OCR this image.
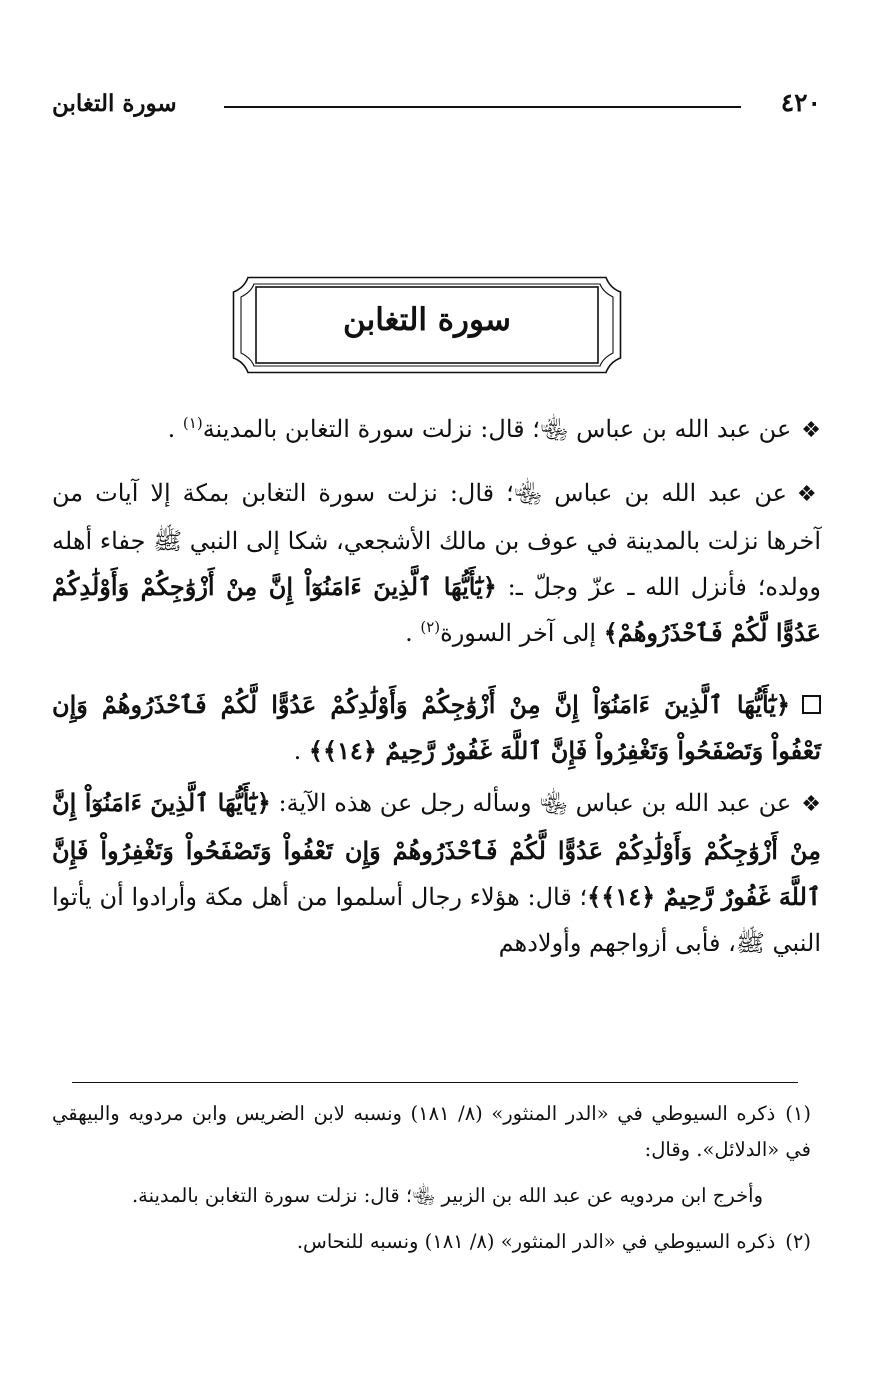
٤٢٠
سورة التغابن
سورة التغابن

❖عن عبد الله بن عباس ﵄؛ قال: نزلت سورة التغابن بالمدينة$^{(١)}$ .

❖عن عبد الله بن عباس ﵄؛ قال: نزلت سورة التغابن بمكة إلا آيات من آخرها نزلت بالمدينة في عوف بن مالك الأشجعي، شكا إلى النبي ﷺ جفاء أهله وولده؛ فأنزل الله ـ عزّ وجلّ ـ: ﴿يَٰٓأَيُّهَا ٱلَّذِينَ ءَامَنُوٓاْ إِنَّ مِنْ أَزْوَٰجِكُمْ وَأَوْلَٰدِكُمْ عَدُوًّا لَّكُمْ فَٱحْذَرُوهُمْ﴾ إلى آخر السورة$^{(٢)}$ .

﴿يَٰٓأَيُّهَا ٱلَّذِينَ ءَامَنُوٓاْ إِنَّ مِنْ أَزْوَٰجِكُمْ وَأَوْلَٰدِكُمْ عَدُوًّا لَّكُمْ فَٱحْذَرُوهُمْ وَإِن تَعْفُواْ وَتَصْفَحُواْ وَتَغْفِرُواْ فَإِنَّ ٱللَّهَ غَفُورٌ رَّحِيمٌ ﴿١٤﴾﴾ .

❖عن عبد الله بن عباس ﵄ وسأله رجل عن هذه الآية: ﴿يَٰٓأَيُّهَا ٱلَّذِينَ ءَامَنُوٓاْ إِنَّ مِنْ أَزْوَٰجِكُمْ وَأَوْلَٰدِكُمْ عَدُوًّا لَّكُمْ فَٱحْذَرُوهُمْ وَإِن تَعْفُواْ وَتَصْفَحُواْ وَتَغْفِرُواْ فَإِنَّ ٱللَّهَ غَفُورٌ رَّحِيمٌ ﴿١٤﴾﴾؛ قال: هؤلاء رجال أسلموا من أهل مكة وأرادوا أن يأتوا النبي ﷺ، فأبى أزواجهم وأولادهم

(١)ذكره السيوطي في «الدر المنثور» (٨/ ١٨١) ونسبه لابن الضريس وابن مردويه والبيهقي في «الدلائل». وقال:

وأخرج ابن مردويه عن عبد الله بن الزبير ﵄؛ قال: نزلت سورة التغابن بالمدينة.

(٢)ذكره السيوطي في «الدر المنثور» (٨/ ١٨١) ونسبه للنحاس.
